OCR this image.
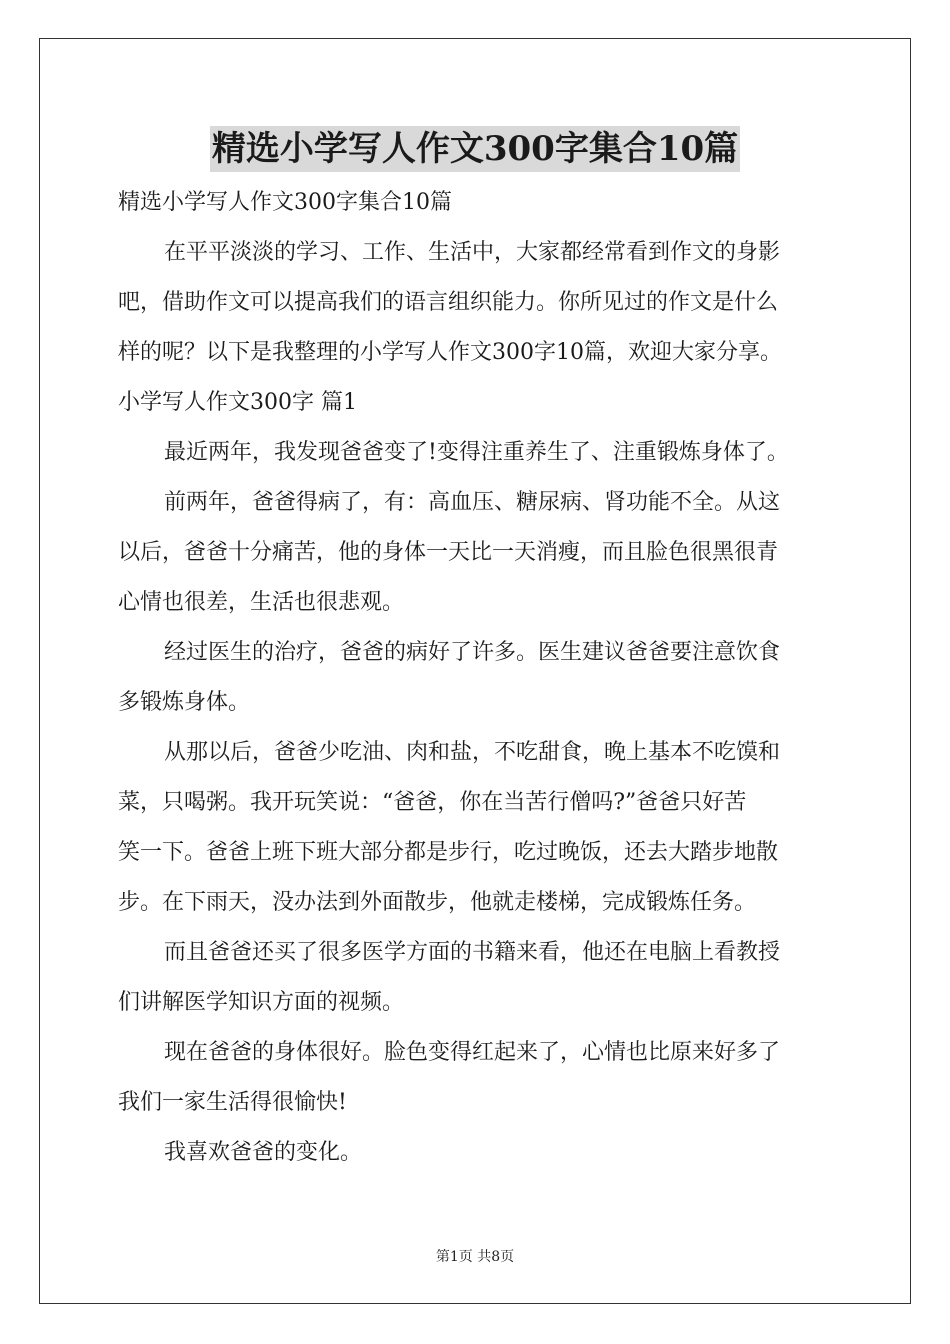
精选小学写人作文300字集合10篇
精选小学写人作文300字集合10篇
在平平淡淡的学习、工作、生活中，大家都经常看到作文的身影
吧，借助作文可以提高我们的语言组织能力。你所见过的作文是什么
样的呢？以下是我整理的小学写人作文300字10篇，欢迎大家分享。
小学写人作文300字 篇1
最近两年，我发现爸爸变了!变得注重养生了、注重锻炼身体了。
前两年，爸爸得病了，有：高血压、糖尿病、肾功能不全。从这
以后，爸爸十分痛苦，他的身体一天比一天消瘦，而且脸色很黑很青
心情也很差，生活也很悲观。
经过医生的治疗，爸爸的病好了许多。医生建议爸爸要注意饮食
多锻炼身体。
从那以后，爸爸少吃油、肉和盐，不吃甜食，晚上基本不吃馍和
菜，只喝粥。我开玩笑说：“爸爸，你在当苦行僧吗?”爸爸只好苦
笑一下。爸爸上班下班大部分都是步行，吃过晚饭，还去大踏步地散
步。在下雨天，没办法到外面散步，他就走楼梯，完成锻炼任务。
而且爸爸还买了很多医学方面的书籍来看，他还在电脑上看教授
们讲解医学知识方面的视频。
现在爸爸的身体很好。脸色变得红起来了，心情也比原来好多了
我们一家生活得很愉快!
我喜欢爸爸的变化。
第1页 共8页
